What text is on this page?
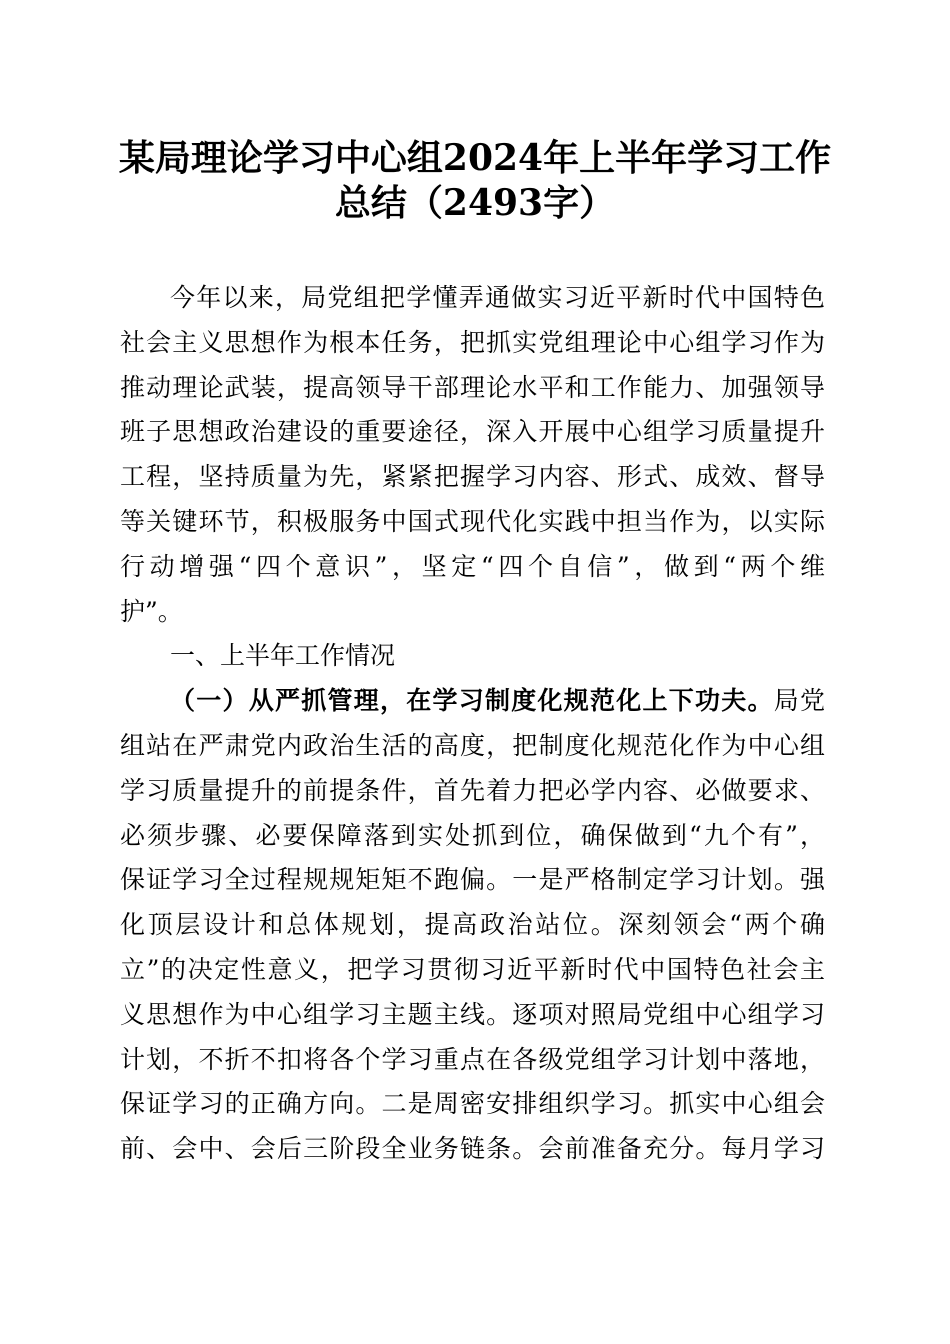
某局理论学习中心组2024年上半年学习工作
总结（2493字）
今年以来，局党组把学懂弄通做实习近平新时代中国特色
社会主义思想作为根本任务，把抓实党组理论中心组学习作为
推动理论武装，提高领导干部理论水平和工作能力、加强领导
班子思想政治建设的重要途径，深入开展中心组学习质量提升
工程，坚持质量为先，紧紧把握学习内容、形式、成效、督导
等关键环节，积极服务中国式现代化实践中担当作为，以实际
行动增强“四个意识”，坚定“四个自信”，做到“两个维
护”。
一、上半年工作情况
（一）从严抓管理，在学习制度化规范化上下功夫。局党
组站在严肃党内政治生活的高度，把制度化规范化作为中心组
学习质量提升的前提条件，首先着力把必学内容、必做要求、
必须步骤、必要保障落到实处抓到位，确保做到“九个有”，
保证学习全过程规规矩矩不跑偏。一是严格制定学习计划。强
化顶层设计和总体规划，提高政治站位。深刻领会“两个确
立”的决定性意义，把学习贯彻习近平新时代中国特色社会主
义思想作为中心组学习主题主线。逐项对照局党组中心组学习
计划，不折不扣将各个学习重点在各级党组学习计划中落地，
保证学习的正确方向。二是周密安排组织学习。抓实中心组会
前、会中、会后三阶段全业务链条。会前准备充分。每月学习
